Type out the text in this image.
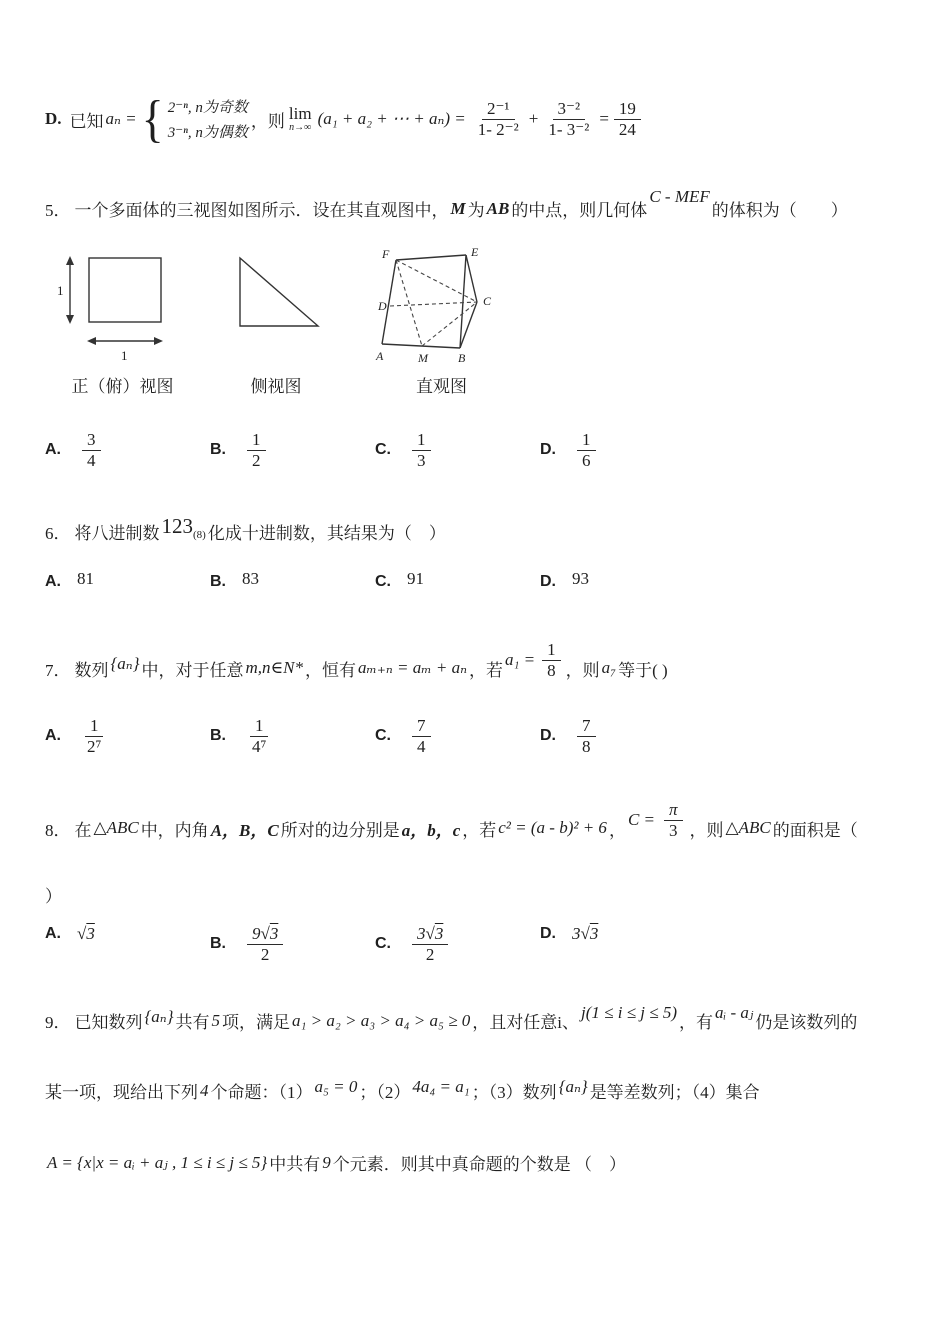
D. 已知 aₙ = { 2⁻ⁿ, n为奇数
3⁻ⁿ, n为偶数
，则 lim
n→∞ (a₁ + a₂ + ⋯ + $a_n) = \frac{\text{2⁻¹}}{\text{1- 2⁻²}} + \frac{\text{3⁻²}}{\text{1- 3⁻²}} = \frac{19}{24}$
5． 一个多面体的三视图如图所示．设在其直观图中， M 为 AB 的中点，则几何体
C - MEF
的体积为（　　）
1
1
正（俯）视图	侧视图
F	E
D	C
A	M	B
直观图
A. $\frac{3}{4}$	B. $\frac{1}{2}$	C. $\frac{1}{3}$	D. $\frac{1}{6}$
6． 将八进制数 $123_{(8)}$ 化成十进制数，其结果为（　）
A. 81	B. 83	C. 91	D. 93
7． 数列 {aₙ} 中，对于任意 m,n∈N* ，恒有 aₘ₊ₙ = aₘ + aₙ ，若
$a_1 = \frac{1}{8}$ ，则 a₇ 等于( )
A. $\frac{1}{\text{2⁷}}$	B. $\frac{1}{\text{4⁷}}$	C. $\frac{7}{4}$	D. $\frac{7}{8}$
8． 在 △ABC 中，内角 A，B，C 所对的边分别是 a，b，c ，若 c² = (a - b)² + 6 ，
$C = \frac{\pi}{3}$ ，则 △ABC 的面积是（
）
A. √3
B. $\frac{9√3}{2}$	C. $\frac{3√3}{2}$	D. 3√3
9． 已知数列 {aₙ} 共有 5 项，满足 a₁ > a₂ > a₃ > a₄ > a₅ ≥ 0 ，且对任意i、
j(1 ≤ i ≤ j ≤ 5)
，有
aᵢ - aⱼ
仍是该数列的
某一项，现给出下列 4 个命题：（1） a₅ = 0 ；（2） 4a₄ = a₁ ；（3）数列 {aₙ} 是等差数列；（4）集合
A = {x|x = aᵢ + aⱼ , 1 ≤ i ≤ j ≤ 5} 中共有 9 个元素．则其中真命题的个数是 （　）
